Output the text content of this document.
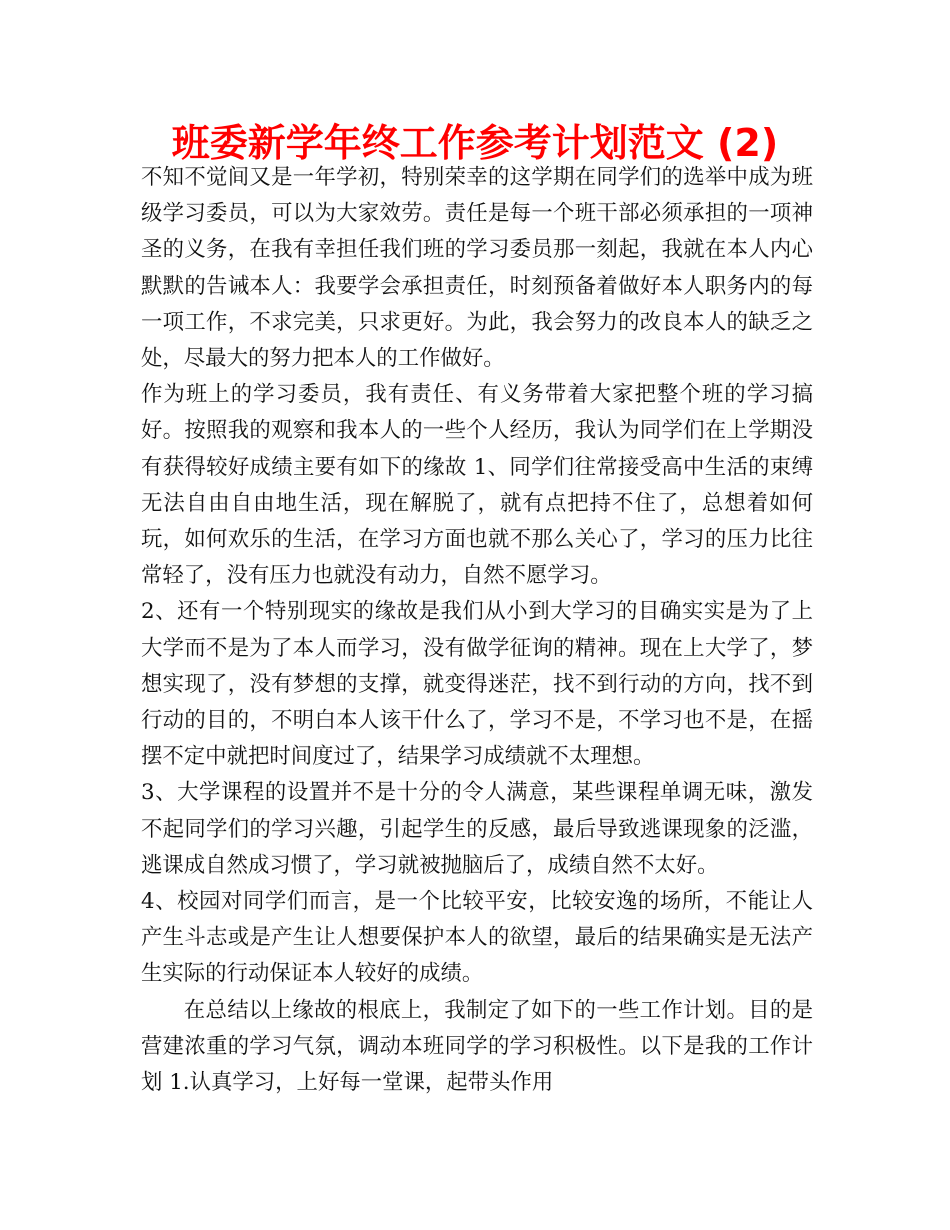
班委新学年终工作参考计划范文 (2)

不知不觉间又是一年学初，特别荣幸的这学期在同学们的选举中成为班级学习委员，可以为大家效劳。责任是每一个班干部必须承担的一项神圣的义务，在我有幸担任我们班的学习委员那一刻起，我就在本人内心默默的告诫本人：我要学会承担责任，时刻预备着做好本人职务内的每一项工作，不求完美，只求更好。为此，我会努力的改良本人的缺乏之处，尽最大的努力把本人的工作做好。

作为班上的学习委员，我有责任、有义务带着大家把整个班的学习搞好。按照我的观察和我本人的一些个人经历，我认为同学们在上学期没有获得较好成绩主要有如下的缘故 1、同学们往常接受高中生活的束缚无法自由自由地生活，现在解脱了，就有点把持不住了，总想着如何玩，如何欢乐的生活，在学习方面也就不那么关心了，学习的压力比往常轻了，没有压力也就没有动力，自然不愿学习。

2、还有一个特别现实的缘故是我们从小到大学习的目确实实是为了上大学而不是为了本人而学习，没有做学征询的精神。现在上大学了，梦想实现了，没有梦想的支撑，就变得迷茫，找不到行动的方向，找不到行动的目的，不明白本人该干什么了，学习不是，不学习也不是，在摇摆不定中就把时间度过了，结果学习成绩就不太理想。

3、大学课程的设置并不是十分的令人满意，某些课程单调无味，激发不起同学们的学习兴趣，引起学生的反感，最后导致逃课现象的泛滥，逃课成自然成习惯了，学习就被抛脑后了，成绩自然不太好。

4、校园对同学们而言，是一个比较平安，比较安逸的场所，不能让人产生斗志或是产生让人想要保护本人的欲望，最后的结果确实是无法产生实际的行动保证本人较好的成绩。

在总结以上缘故的根底上，我制定了如下的一些工作计划。目的是营建浓重的学习气氛，调动本班同学的学习积极性。以下是我的工作计划 1.认真学习，上好每一堂课，起带头作用
